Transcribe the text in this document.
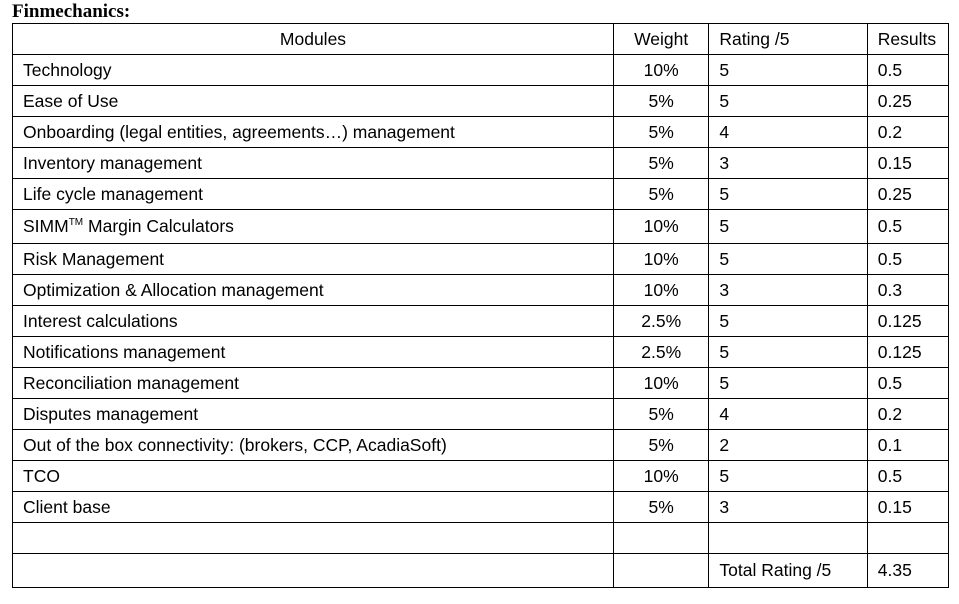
Finmechanics:
Modules	Weight	Rating /5	Results
Technology	10%	5	0.5
Ease of Use	5%	5	0.25
Onboarding (legal entities, agreements…) management	5%	4	0.2
Inventory management	5%	3	0.15
Life cycle management	5%	5	0.25
SIMM™ Margin Calculators	10%	5	0.5
Risk Management	10%	5	0.5
Optimization & Allocation management	10%	3	0.3
Interest calculations	2.5%	5	0.125
Notifications management	2.5%	5	0.125
Reconciliation management	10%	5	0.5
Disputes management	5%	4	0.2
Out of the box connectivity: (brokers, CCP, AcadiaSoft)	5%	2	0.1
TCO	10%	5	0.5
Client base	5%	3	0.15

		Total Rating /5	4.35
